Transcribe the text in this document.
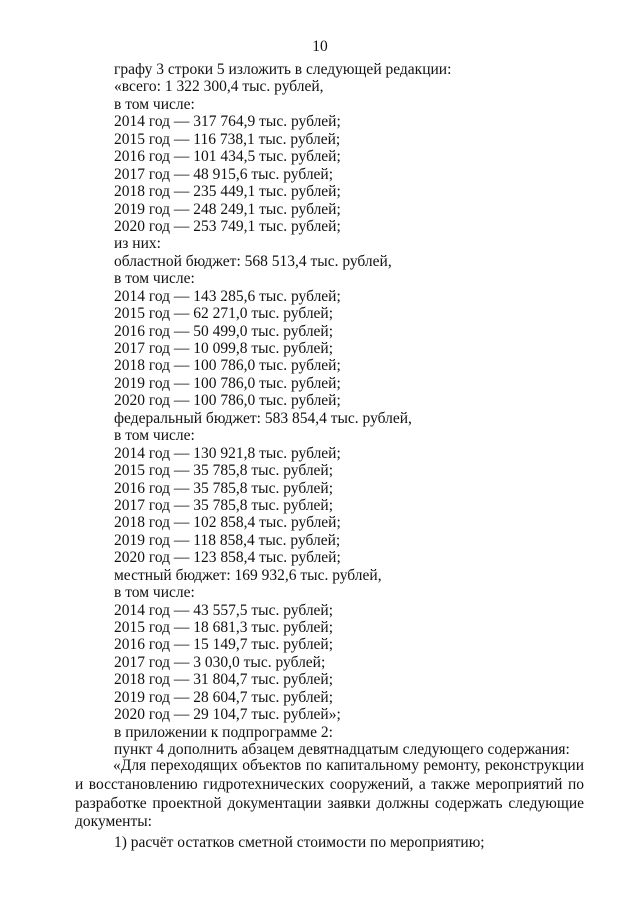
10
графу 3 строки 5 изложить в следующей редакции:
«всего: 1 322 300,4 тыс. рублей,
в том числе:
2014 год — 317 764,9 тыс. рублей;
2015 год — 116 738,1 тыс. рублей;
2016 год — 101 434,5 тыс. рублей;
2017 год — 48 915,6 тыс. рублей;
2018 год — 235 449,1 тыс. рублей;
2019 год — 248 249,1 тыс. рублей;
2020 год — 253 749,1 тыс. рублей;
из них:
областной бюджет: 568 513,4 тыс. рублей,
в том числе:
2014 год — 143 285,6 тыс. рублей;
2015 год — 62 271,0 тыс. рублей;
2016 год — 50 499,0 тыс. рублей;
2017 год — 10 099,8 тыс. рублей;
2018 год — 100 786,0 тыс. рублей;
2019 год — 100 786,0 тыс. рублей;
2020 год — 100 786,0 тыс. рублей;
федеральный бюджет: 583 854,4 тыс. рублей,
в том числе:
2014 год — 130 921,8 тыс. рублей;
2015 год — 35 785,8 тыс. рублей;
2016 год — 35 785,8 тыс. рублей;
2017 год — 35 785,8 тыс. рублей;
2018 год — 102 858,4 тыс. рублей;
2019 год — 118 858,4 тыс. рублей;
2020 год — 123 858,4 тыс. рублей;
местный бюджет: 169 932,6 тыс. рублей,
в том числе:
2014 год — 43 557,5 тыс. рублей;
2015 год — 18 681,3 тыс. рублей;
2016 год — 15 149,7 тыс. рублей;
2017 год — 3 030,0 тыс. рублей;
2018 год — 31 804,7 тыс. рублей;
2019 год — 28 604,7 тыс. рублей;
2020 год — 29 104,7 тыс. рублей»;
в приложении к подпрограмме 2:
пункт 4 дополнить абзацем девятнадцатым следующего содержания:
«Для переходящих объектов по капитальному ремонту, реконструкции и восстановлению гидротехнических сооружений, а также мероприятий по разработке проектной документации заявки должны содержать следующие документы:
1) расчёт остатков сметной стоимости по мероприятию;
